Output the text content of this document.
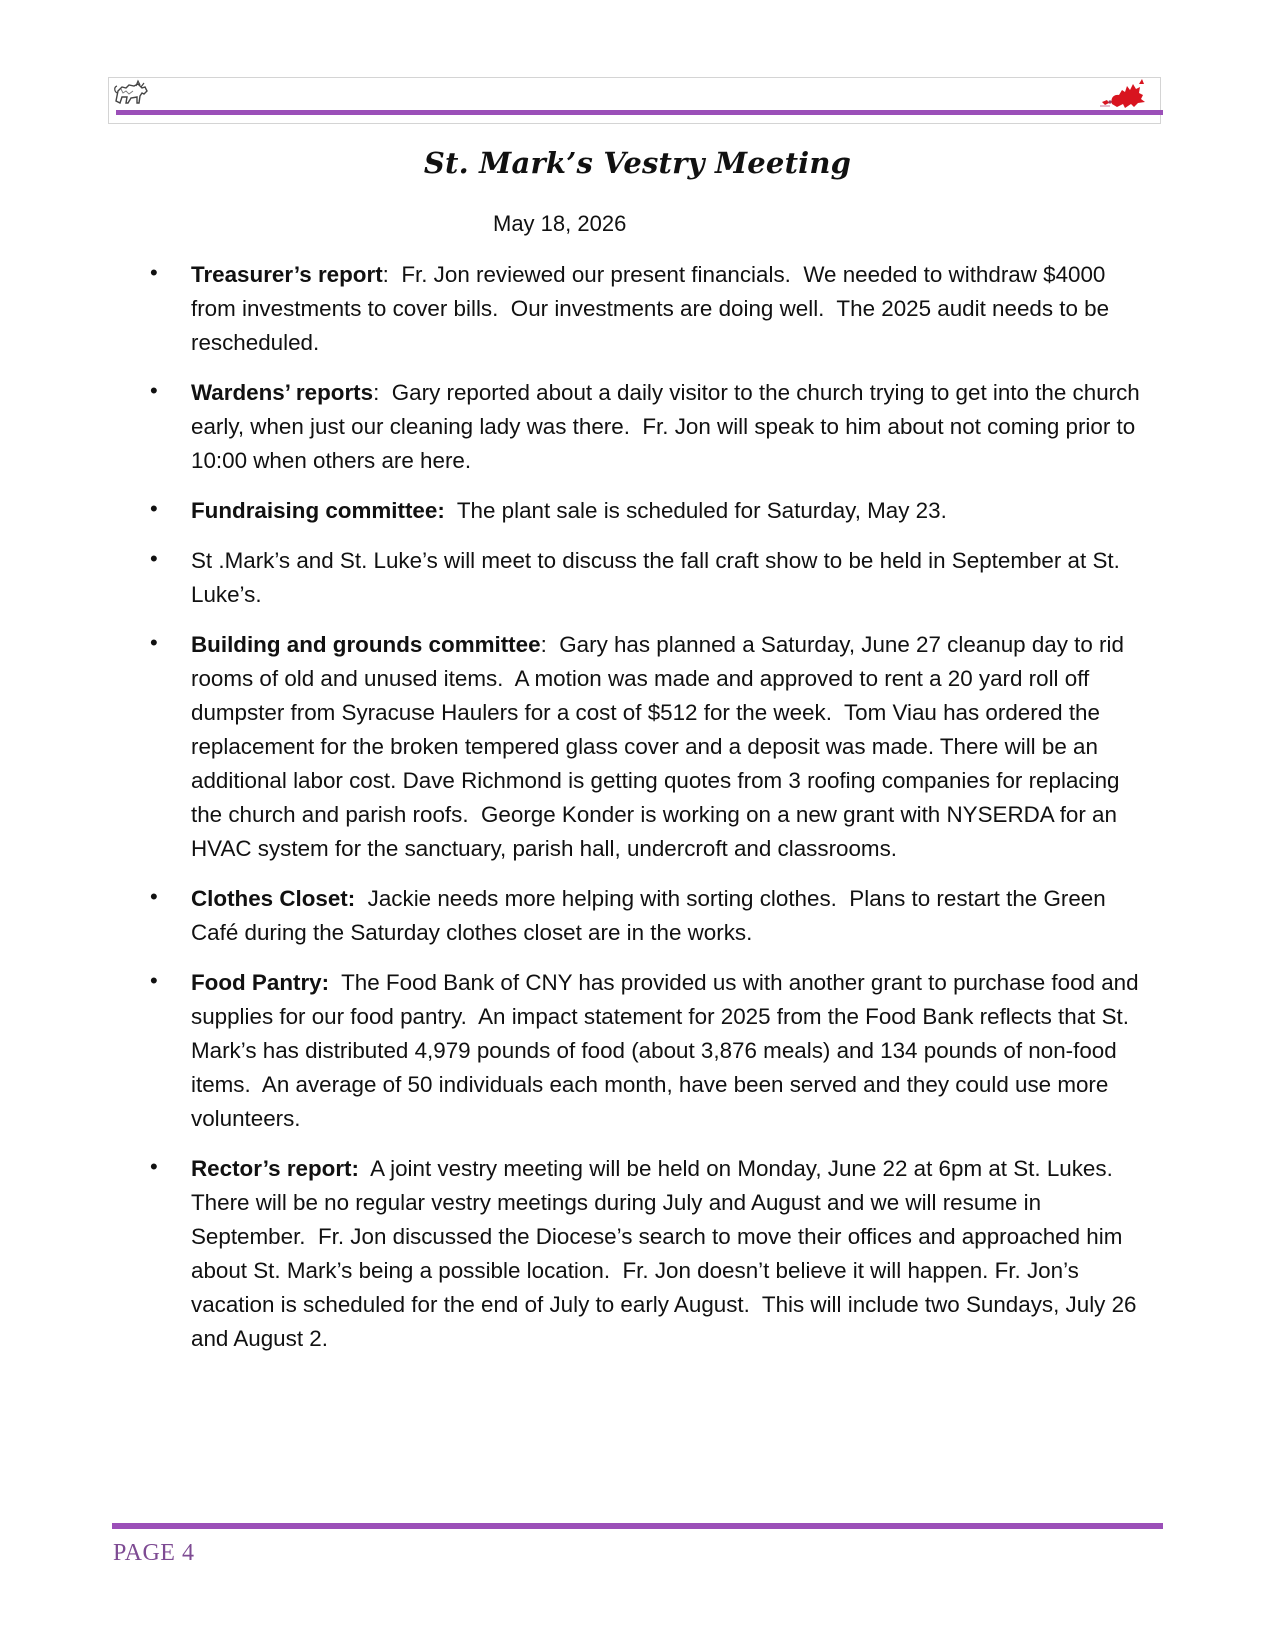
St. Mark’s Vestry Meeting

May 18, 2026

• Treasurer’s report:  Fr. Jon reviewed our present financials.  We needed to withdraw $4000 from investments to cover bills.  Our investments are doing well.  The 2025 audit needs to be rescheduled.
• Wardens’ reports:  Gary reported about a daily visitor to the church trying to get into the church early, when just our cleaning lady was there.  Fr. Jon will speak to him about not coming prior to 10:00 when others are here.
• Fundraising committee:  The plant sale is scheduled for Saturday, May 23.
• St .Mark’s and St. Luke’s will meet to discuss the fall craft show to be held in September at St. Luke’s.
• Building and grounds committee:  Gary has planned a Saturday, June 27 cleanup day to rid rooms of old and unused items.  A motion was made and approved to rent a 20 yard roll off dumpster from Syracuse Haulers for a cost of $512 for the week.  Tom Viau has ordered the replacement for the broken tempered glass cover and a deposit was made. There will be an additional labor cost. Dave Richmond is getting quotes from 3 roofing companies for replacing the church and parish roofs.  George Konder is working on a new grant with NYSERDA for an HVAC system for the sanctuary, parish hall, undercroft and classrooms.
• Clothes Closet:  Jackie needs more helping with sorting clothes.  Plans to restart the Green Café during the Saturday clothes closet are in the works.
• Food Pantry:  The Food Bank of CNY has provided us with another grant to purchase food and supplies for our food pantry.  An impact statement for 2025 from the Food Bank reflects that St. Mark’s has distributed 4,979 pounds of food (about 3,876 meals) and 134 pounds of non-food items.  An average of 50 individuals each month, have been served and they could use more volunteers.
• Rector’s report:  A joint vestry meeting will be held on Monday, June 22 at 6pm at St. Lukes.  There will be no regular vestry meetings during July and August and we will resume in September.  Fr. Jon discussed the Diocese’s search to move their offices and approached him about St. Mark’s being a possible location.  Fr. Jon doesn’t believe it will happen. Fr. Jon’s vacation is scheduled for the end of July to early August.  This will include two Sundays, July 26 and August 2.
PAGE 4
